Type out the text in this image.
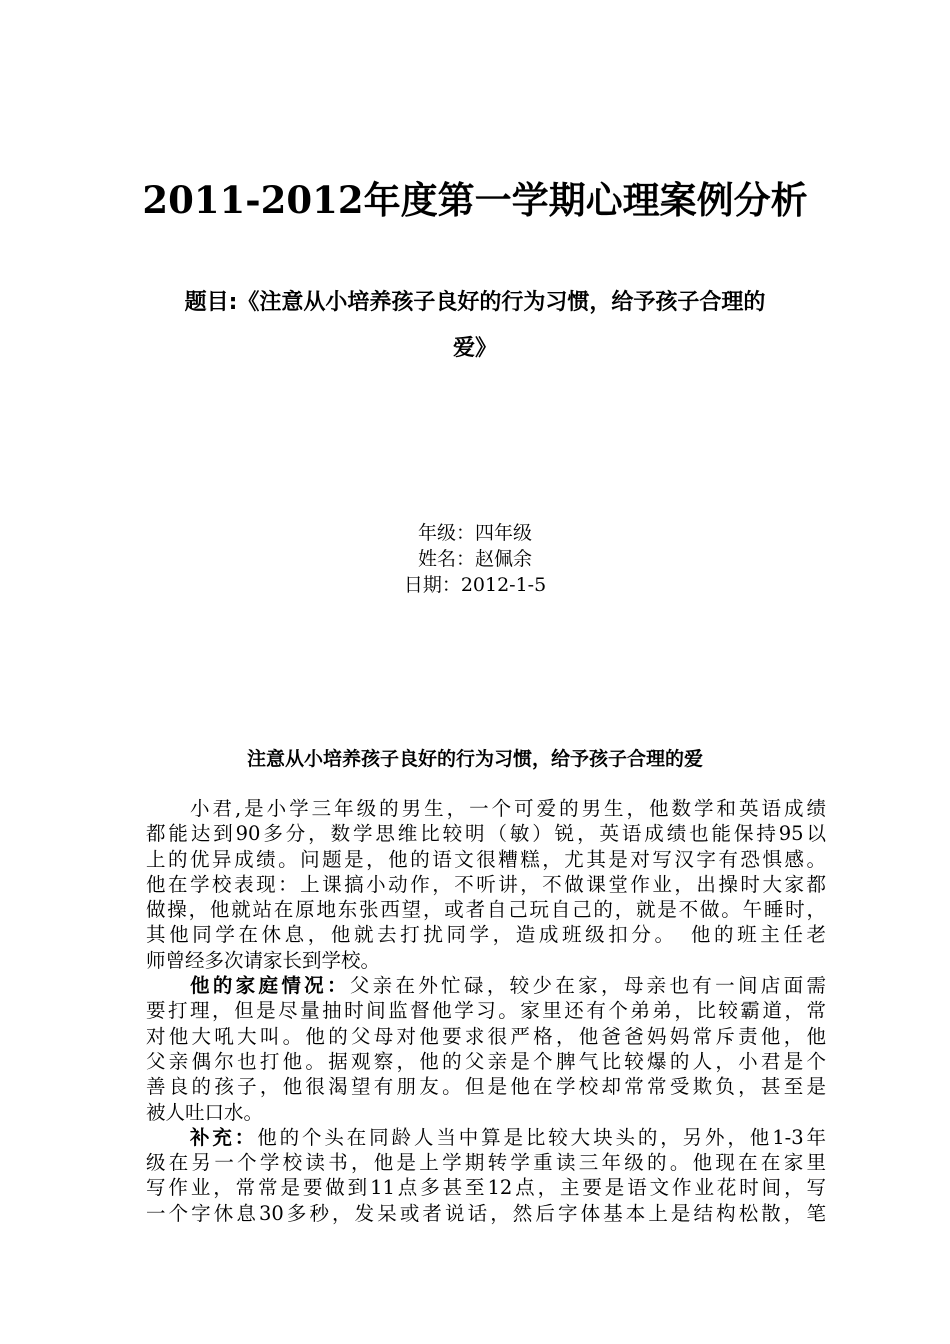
2011-2012年度第一学期心理案例分析
题目:《注意从小培养孩子良好的行为习惯，给予孩子合理的
爱》
年级：四年级
姓名：赵佩余
日期：2012-1-5
注意从小培养孩子良好的行为习惯，给予孩子合理的爱
小君,是小学三年级的男生，一个可爱的男生，他数学和英语成绩
都能达到90多分，数学思维比较明（敏）锐，英语成绩也能保持95以
上的优异成绩。问题是，他的语文很糟糕，尤其是对写汉字有恐惧感。
他在学校表现：上课搞小动作，不听讲，不做课堂作业，出操时大家都
做操，他就站在原地东张西望，或者自己玩自己的，就是不做。午睡时，
其他同学在休息，他就去打扰同学，造成班级扣分。　他的班主任老
师曾经多次请家长到学校。
他的家庭情况：父亲在外忙碌，较少在家，母亲也有一间店面需
要打理，但是尽量抽时间监督他学习。家里还有个弟弟，比较霸道，常
对他大吼大叫。他的父母对他要求很严格，他爸爸妈妈常斥责他，他
父亲偶尔也打他。据观察，他的父亲是个脾气比较爆的人，小君是个
善良的孩子，他很渴望有朋友。但是他在学校却常常受欺负，甚至是
被人吐口水。
补充：他的个头在同龄人当中算是比较大块头的，另外，他1-3年
级在另一个学校读书，他是上学期转学重读三年级的。他现在在家里
写作业，常常是要做到11点多甚至12点，主要是语文作业花时间，写
一个字休息30多秒，发呆或者说话，然后字体基本上是结构松散，笔
